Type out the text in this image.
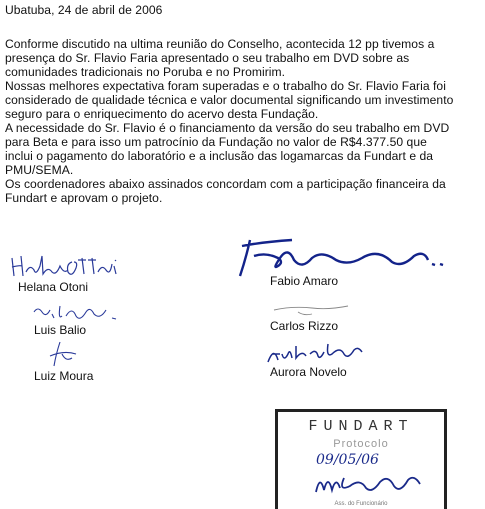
Ubatuba, 24 de abril de 2006
Conforme discutido na ultima reunião do Conselho, acontecida 12 pp tivemos a
presença do Sr. Flavio Faria apresentado o seu trabalho em DVD sobre as
comunidades tradicionais no Poruba e no Promirim.
Nossas melhores expectativa foram superadas e o trabalho do Sr. Flavio Faria foi
considerado de qualidade técnica e valor documental significando um investimento
seguro para o enriquecimento do acervo desta Fundação.
A necessidade do Sr. Flavio é o financiamento da versão do seu trabalho em DVD
para Beta e para isso um patrocínio da Fundação no valor de R$4.377.50 que
inclui o pagamento do laboratório e a inclusão das logamarcas da Fundart e da
PMU/SEMA.
Os coordenadores abaixo assinados concordam com a participação financeira da
Fundart e aprovam o projeto.
Helana Otoni	Fabio Amaro
Luis Balio	Carlos Rizzo
Luiz Moura	Aurora Novelo
FUNDART
Protocolo
09/05/06
Ass. do Funcionário
